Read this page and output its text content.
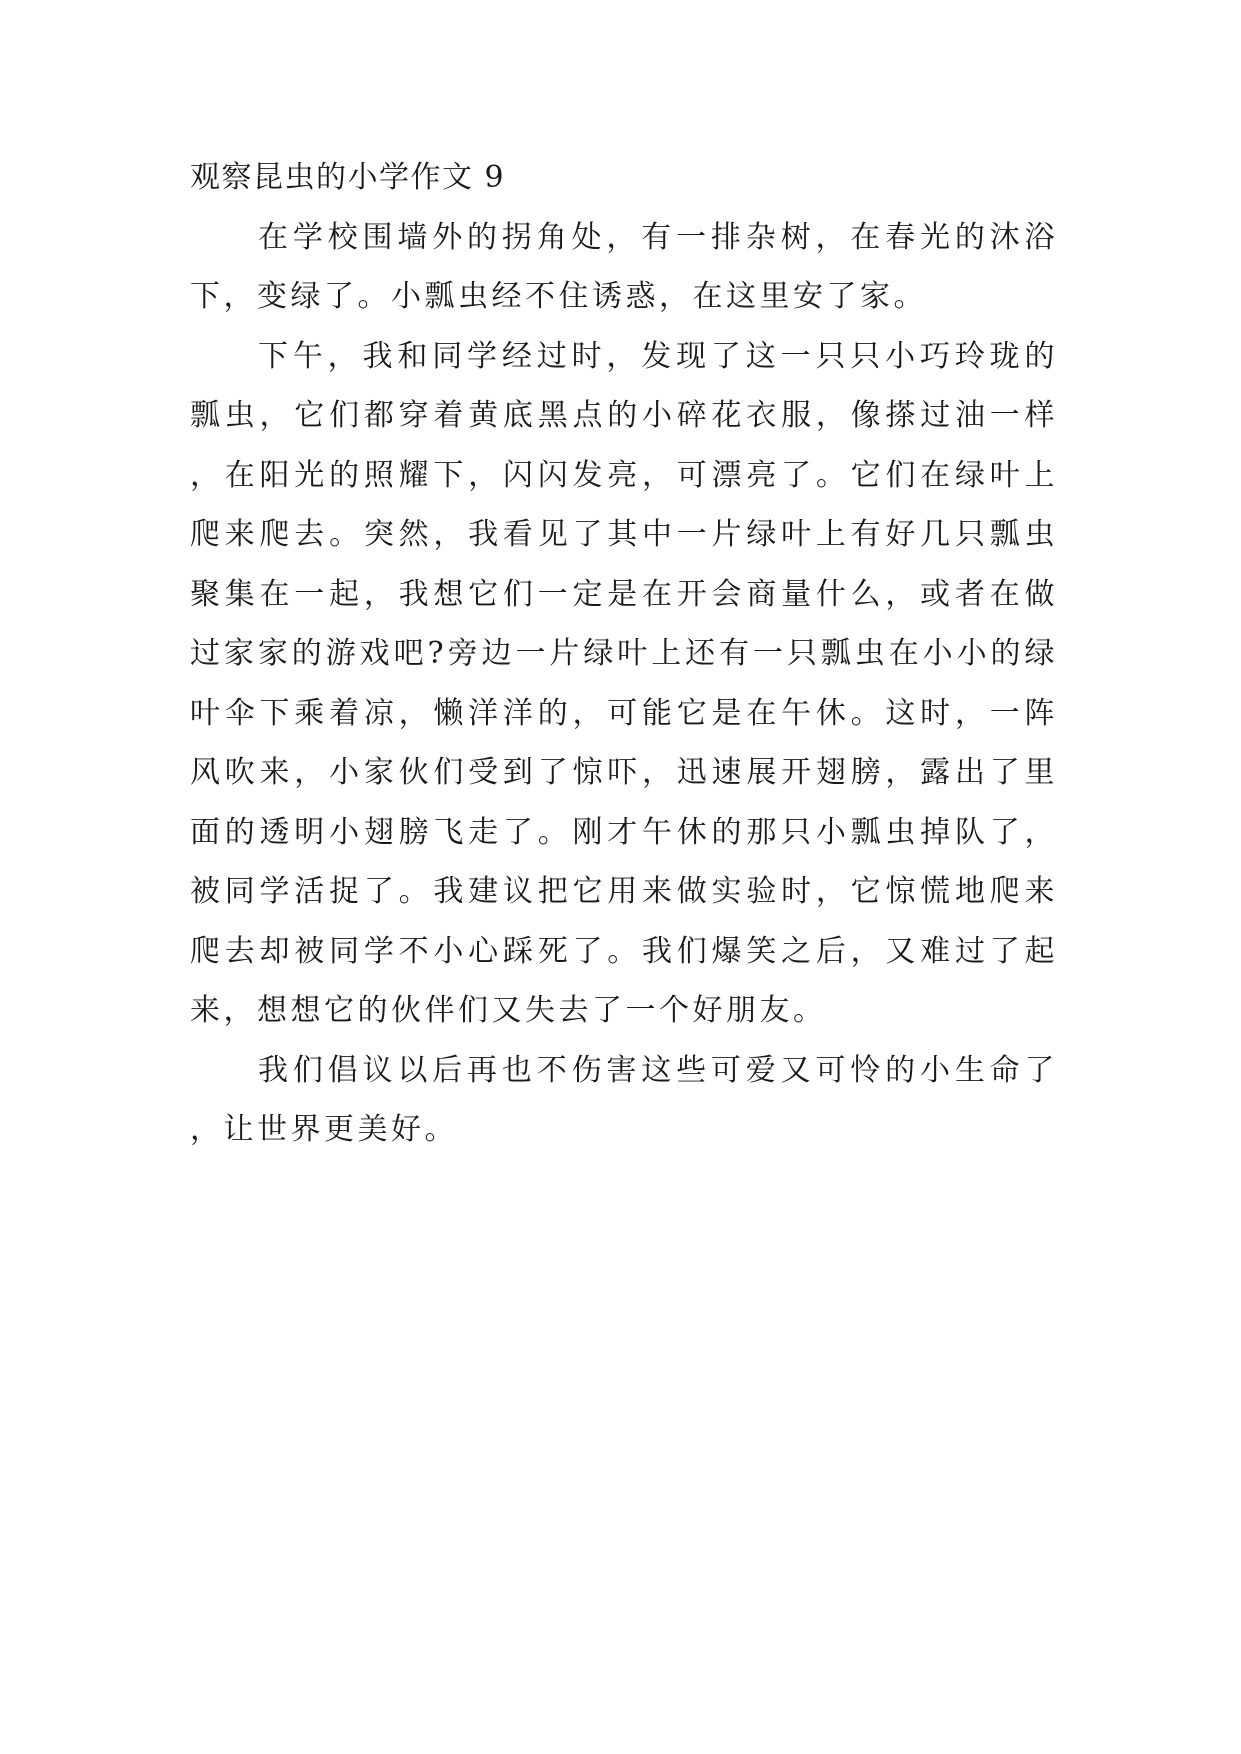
观察昆虫的小学作文 9

在学校围墙外的拐角处，有一排杂树，在春光的沐浴下，变绿了。小瓢虫经不住诱惑，在这里安了家。

下午，我和同学经过时，发现了这一只只小巧玲珑的瓢虫，它们都穿着黄底黑点的小碎花衣服，像搽过油一样，在阳光的照耀下，闪闪发亮，可漂亮了。它们在绿叶上爬来爬去。突然，我看见了其中一片绿叶上有好几只瓢虫聚集在一起，我想它们一定是在开会商量什么，或者在做过家家的游戏吧?旁边一片绿叶上还有一只瓢虫在小小的绿叶伞下乘着凉，懒洋洋的，可能它是在午休。这时，一阵风吹来，小家伙们受到了惊吓，迅速展开翅膀，露出了里面的透明小翅膀飞走了。刚才午休的那只小瓢虫掉队了，被同学活捉了。我建议把它用来做实验时，它惊慌地爬来爬去却被同学不小心踩死了。我们爆笑之后，又难过了起来，想想它的伙伴们又失去了一个好朋友。

我们倡议以后再也不伤害这些可爱又可怜的小生命了，让世界更美好。
